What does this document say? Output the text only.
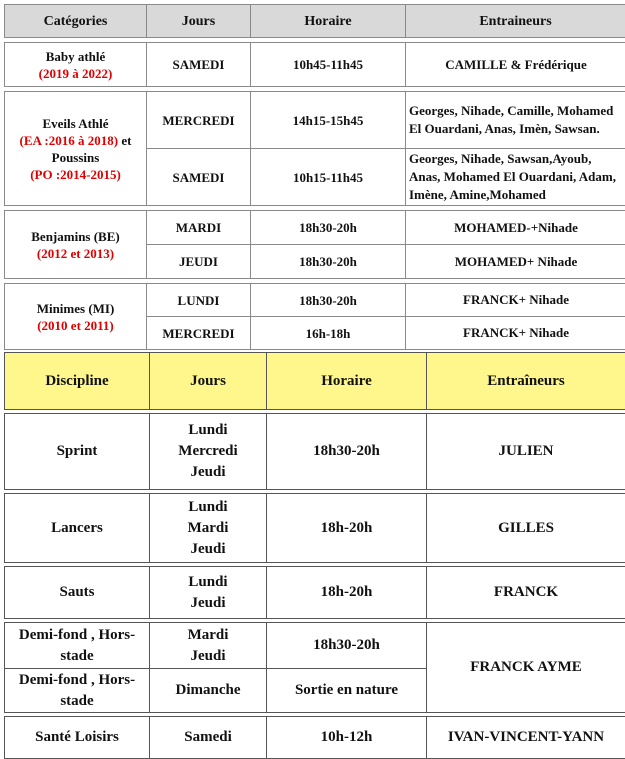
Catégories	Jours	Horaire	Entraineurs

Baby athlé
(2019 à 2022)	SAMEDI	10h45-11h45	CAMILLE & Frédérique

Eveils Athlé
(EA :2016 à 2018) et
Poussins
(PO :2014-2015)	MERCREDI	14h15-15h45	Georges, Nihade, Camille, Mohamed El Ouardani, Anas, Imèn, Sawsan.
	SAMEDI	10h15-11h45	Georges, Nihade, Sawsan,Ayoub, Anas, Mohamed El Ouardani, Adam, Imène, Amine,Mohamed

Benjamins (BE)
(2012 et 2013)	MARDI	18h30-20h	MOHAMED-+Nihade
	JEUDI	18h30-20h	MOHAMED+ Nihade

Minimes (MI)
(2010 et 2011)	LUNDI	18h30-20h	FRANCK+ Nihade
	MERCREDI	16h-18h	FRANCK+ Nihade
Discipline	Jours	Horaire	Entraîneurs

Sprint	Lundi
Mercredi
Jeudi	18h30-20h	JULIEN

Lancers	Lundi
Mardi
Jeudi	18h-20h	GILLES

Sauts	Lundi
Jeudi	18h-20h	FRANCK

Demi-fond , Hors-stade	Mardi
Jeudi	18h30-20h	FRANCK AYME
Demi-fond , Hors-stade	Dimanche	Sortie en nature	

Santé Loisirs	Samedi	10h-12h	IVAN-VINCENT-YANN
